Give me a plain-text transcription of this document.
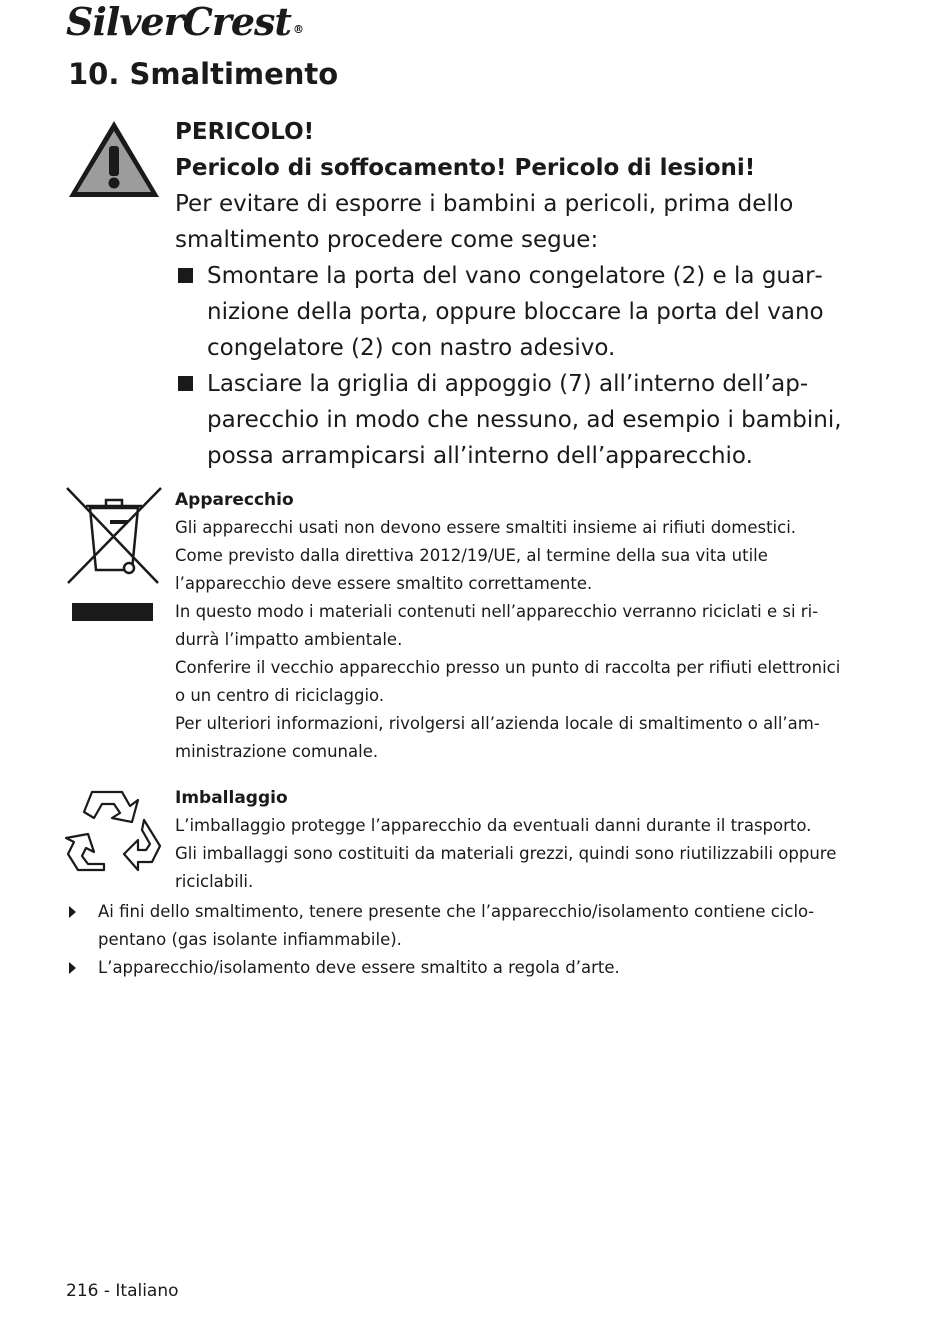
SilverCrest ®
10. Smaltimento
PERICOLO!
Pericolo di soffocamento! Pericolo di lesioni!
Per evitare di esporre i bambini a pericoli, prima dello smaltimento procedere come segue:
Smontare la porta del vano congelatore (2) e la guarnizione della porta, oppure bloccare la porta del vano congelatore (2) con nastro adesivo.
Lasciare la griglia di appoggio (7) all’interno dell’apparecchio in modo che nessuno, ad esempio i bambini, possa arrampicarsi all’interno dell’apparecchio.
Apparecchio

Gli apparecchi usati non devono essere smaltiti insieme ai rifiuti domestici.

Come previsto dalla direttiva 2012/19/UE, al termine della sua vita utile l’apparecchio deve essere smaltito correttamente.

In questo modo i materiali contenuti nell’apparecchio verranno riciclati e si ridurrà l’impatto ambientale.

Conferire il vecchio apparecchio presso un punto di raccolta per rifiuti elettronici o un centro di riciclaggio.

Per ulteriori informazioni, rivolgersi all’azienda locale di smaltimento o all’amministrazione comunale.

Imballaggio

L’imballaggio protegge l’apparecchio da eventuali danni durante il trasporto.

Gli imballaggi sono costituiti da materiali grezzi, quindi sono riutilizzabili oppure riciclabili.

Ai fini dello smaltimento, tenere presente che l’apparecchio/isolamento contiene ciclopentano (gas isolante infiammabile).
L’apparecchio/isolamento deve essere smaltito a regola d’arte.
216 - Italiano
